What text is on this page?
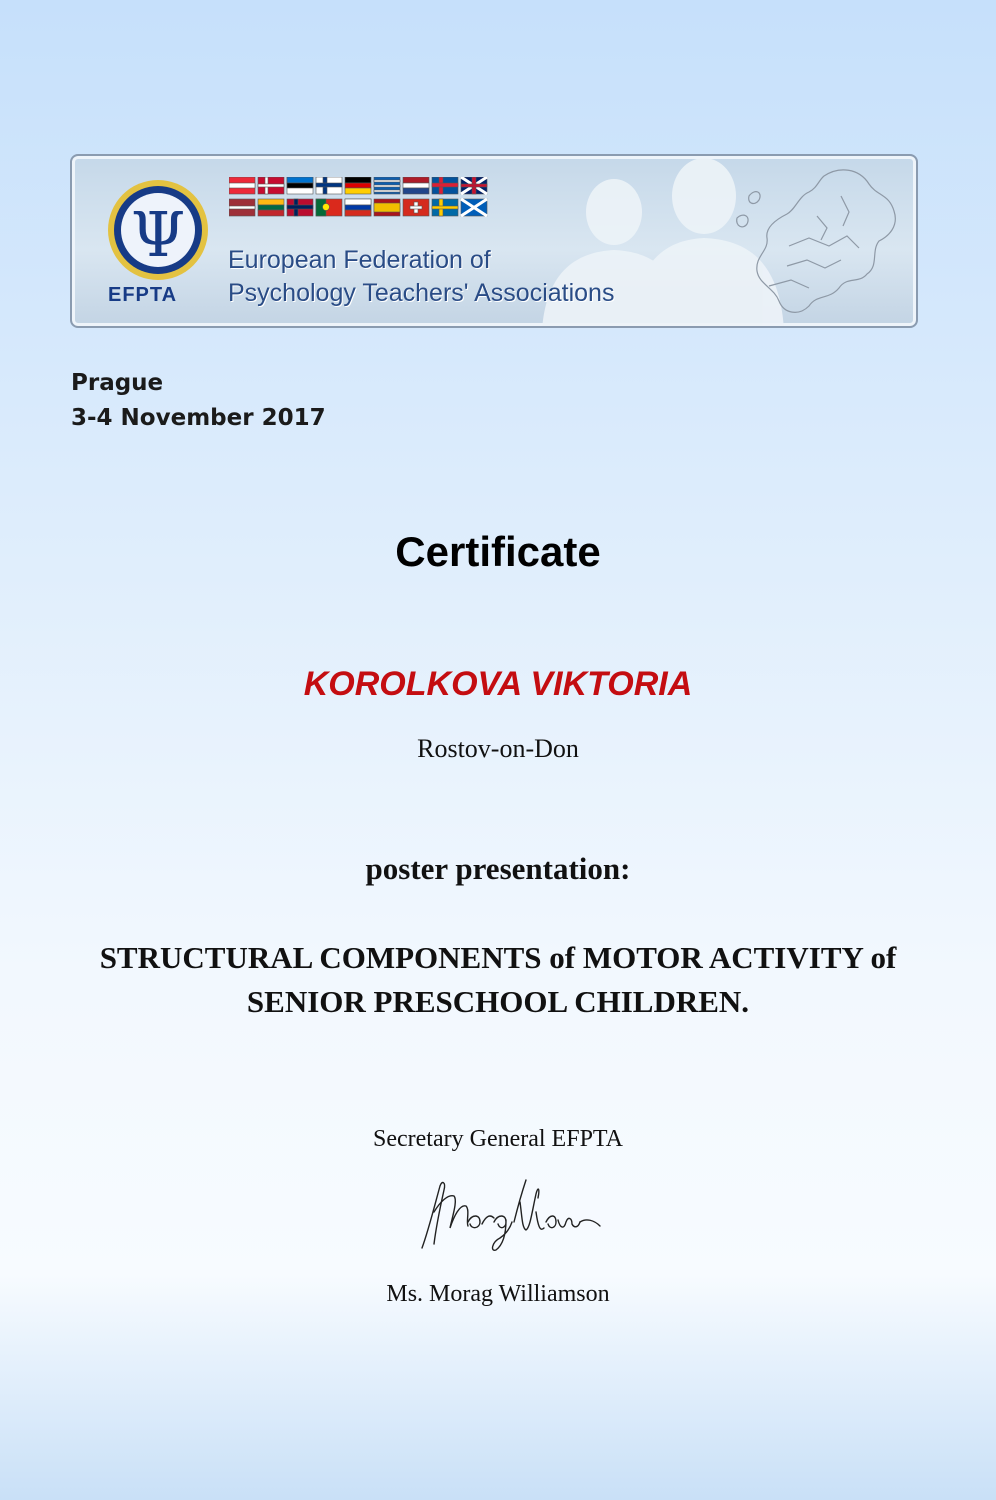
Ψ
EFPTA
European Federation of
Psychology Teachers' Associations
Prague
3-4 November 2017
Certificate
KOROLKOVA VIKTORIA
Rostov-on-Don
poster presentation:
STRUCTURAL COMPONENTS of MOTOR ACTIVITY of
SENIOR PRESCHOOL CHILDREN.
Secretary General EFPTA
Ms. Morag Williamson
